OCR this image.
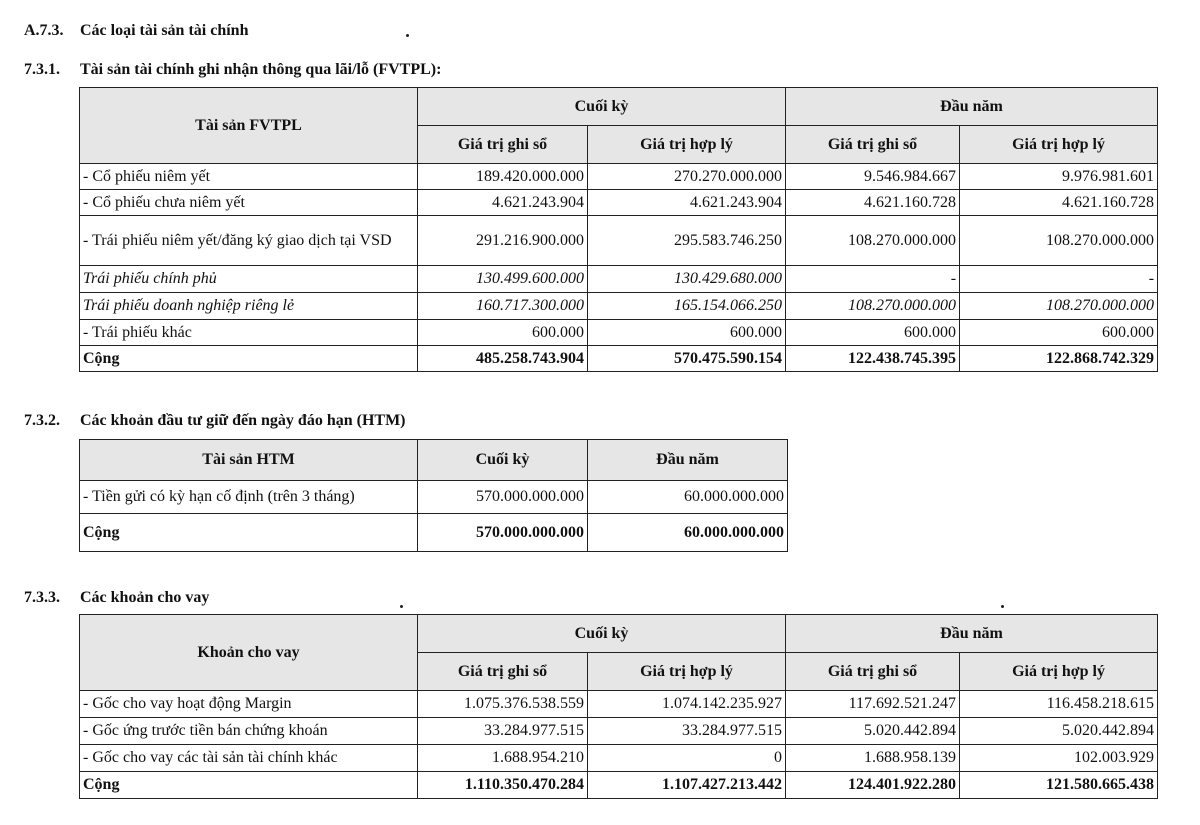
A.7.3. Các loại tài sản tài chính
7.3.1. Tài sản tài chính ghi nhận thông qua lãi/lỗ (FVTPL):
Tài sản FVTPL	Cuối kỳ		Đầu năm	
	Giá trị ghi sổ	Giá trị hợp lý	Giá trị ghi sổ	Giá trị hợp lý
- Cổ phiếu niêm yết	189.420.000.000	270.270.000.000	9.546.984.667	9.976.981.601
- Cổ phiếu chưa niêm yết	4.621.243.904	4.621.243.904	4.621.160.728	4.621.160.728
- Trái phiếu niêm yết/đăng ký giao dịch tại VSD	291.216.900.000	295.583.746.250	108.270.000.000	108.270.000.000
Trái phiếu chính phủ	130.499.600.000	130.429.680.000	-	-
Trái phiếu doanh nghiệp riêng lẻ	160.717.300.000	165.154.066.250	108.270.000.000	108.270.000.000
- Trái phiếu khác	600.000	600.000	600.000	600.000
Cộng	485.258.743.904	570.475.590.154	122.438.745.395	122.868.742.329
7.3.2. Các khoản đầu tư giữ đến ngày đáo hạn (HTM)
Tài sản HTM	Cuối kỳ	Đầu năm
- Tiền gửi có kỳ hạn cố định (trên 3 tháng)	570.000.000.000	60.000.000.000
Cộng	570.000.000.000	60.000.000.000
7.3.3. Các khoản cho vay
Khoản cho vay	Cuối kỳ		Đầu năm	
	Giá trị ghi sổ	Giá trị hợp lý	Giá trị ghi sổ	Giá trị hợp lý
- Gốc cho vay hoạt động Margin	1.075.376.538.559	1.074.142.235.927	117.692.521.247	116.458.218.615
- Gốc ứng trước tiền bán chứng khoán	33.284.977.515	33.284.977.515	5.020.442.894	5.020.442.894
- Gốc cho vay các tài sản tài chính khác	1.688.954.210	0	1.688.958.139	102.003.929
Cộng	1.110.350.470.284	1.107.427.213.442	124.401.922.280	121.580.665.438
